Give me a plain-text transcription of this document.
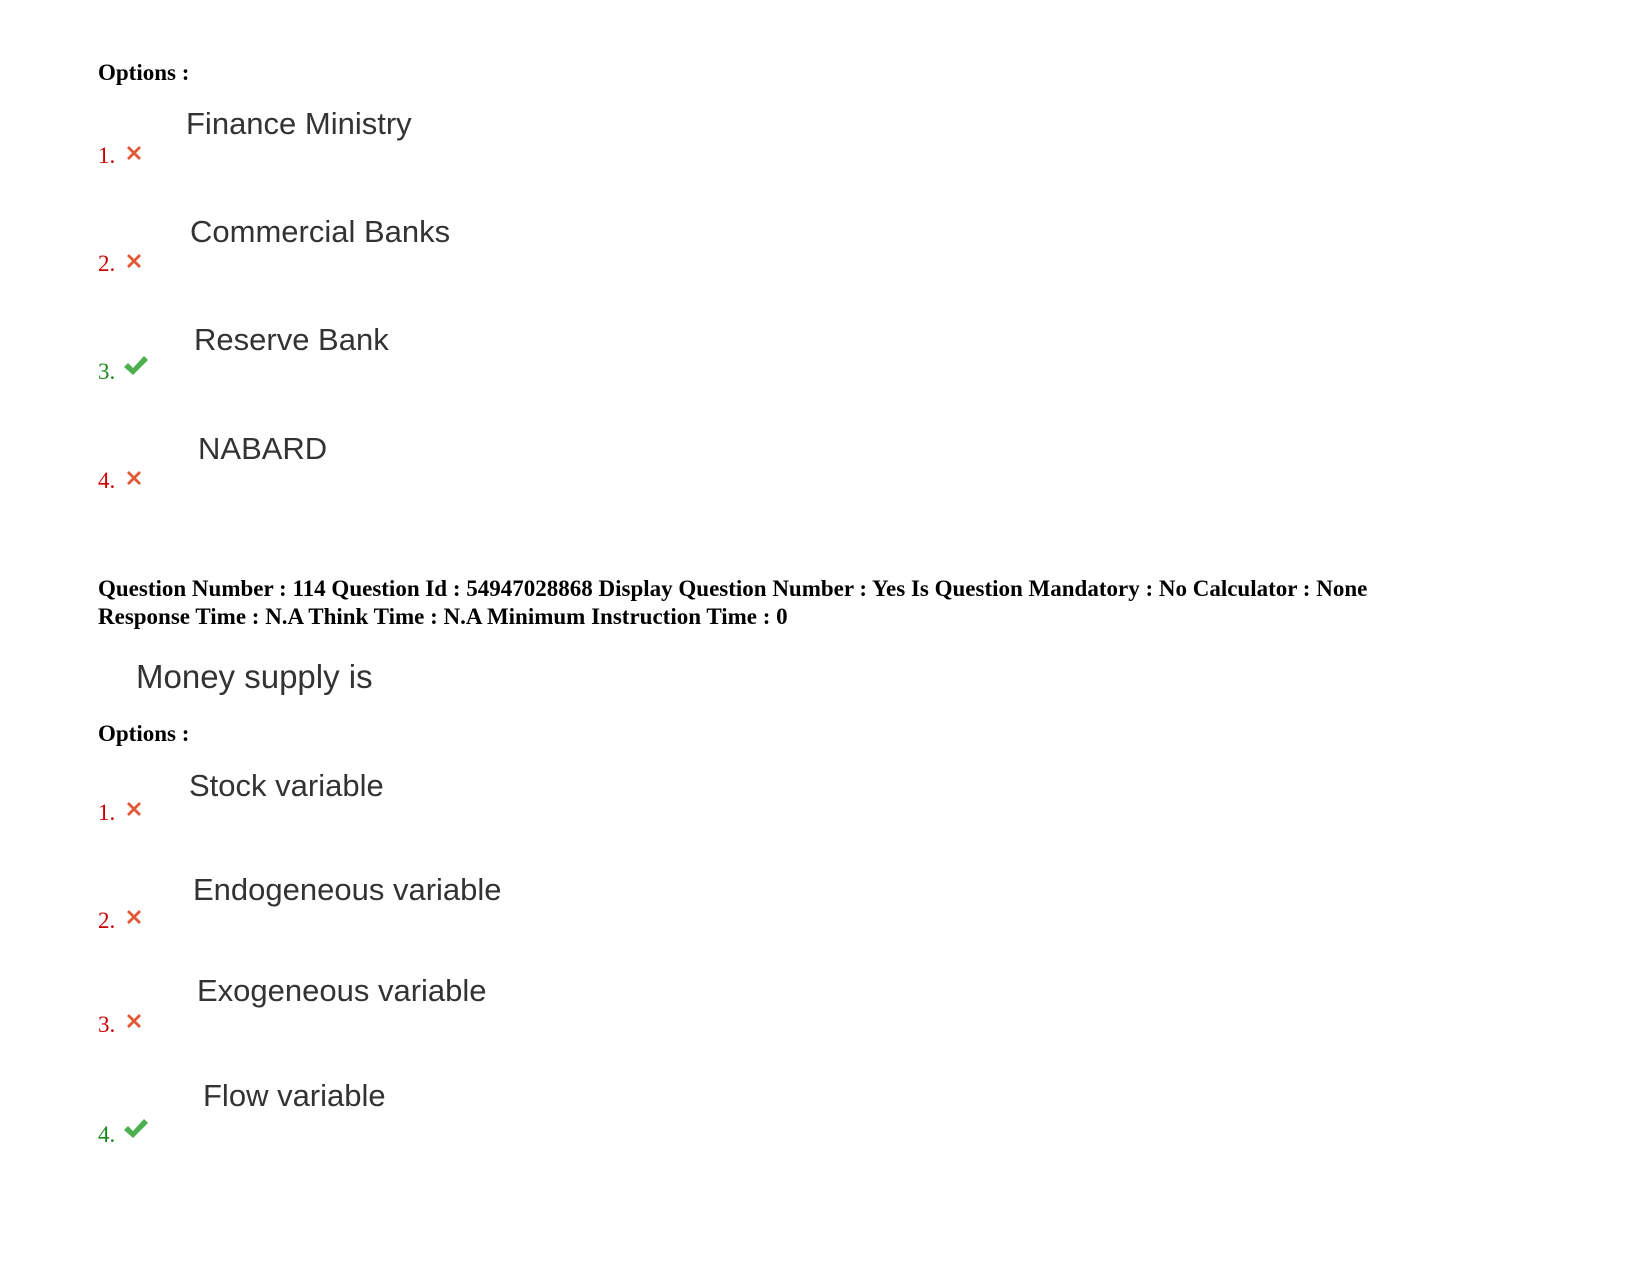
Options :
1.
Finance Ministry
2.
Commercial Banks
3.
Reserve Bank
4.
NABARD
Question Number : 114 Question Id : 54947028868 Display Question Number : Yes Is Question Mandatory : No Calculator : None
Response Time : N.A Think Time : N.A Minimum Instruction Time : 0
Money supply is
Options :
1.
Stock variable
2.
Endogeneous variable
3.
Exogeneous variable
4.
Flow variable
